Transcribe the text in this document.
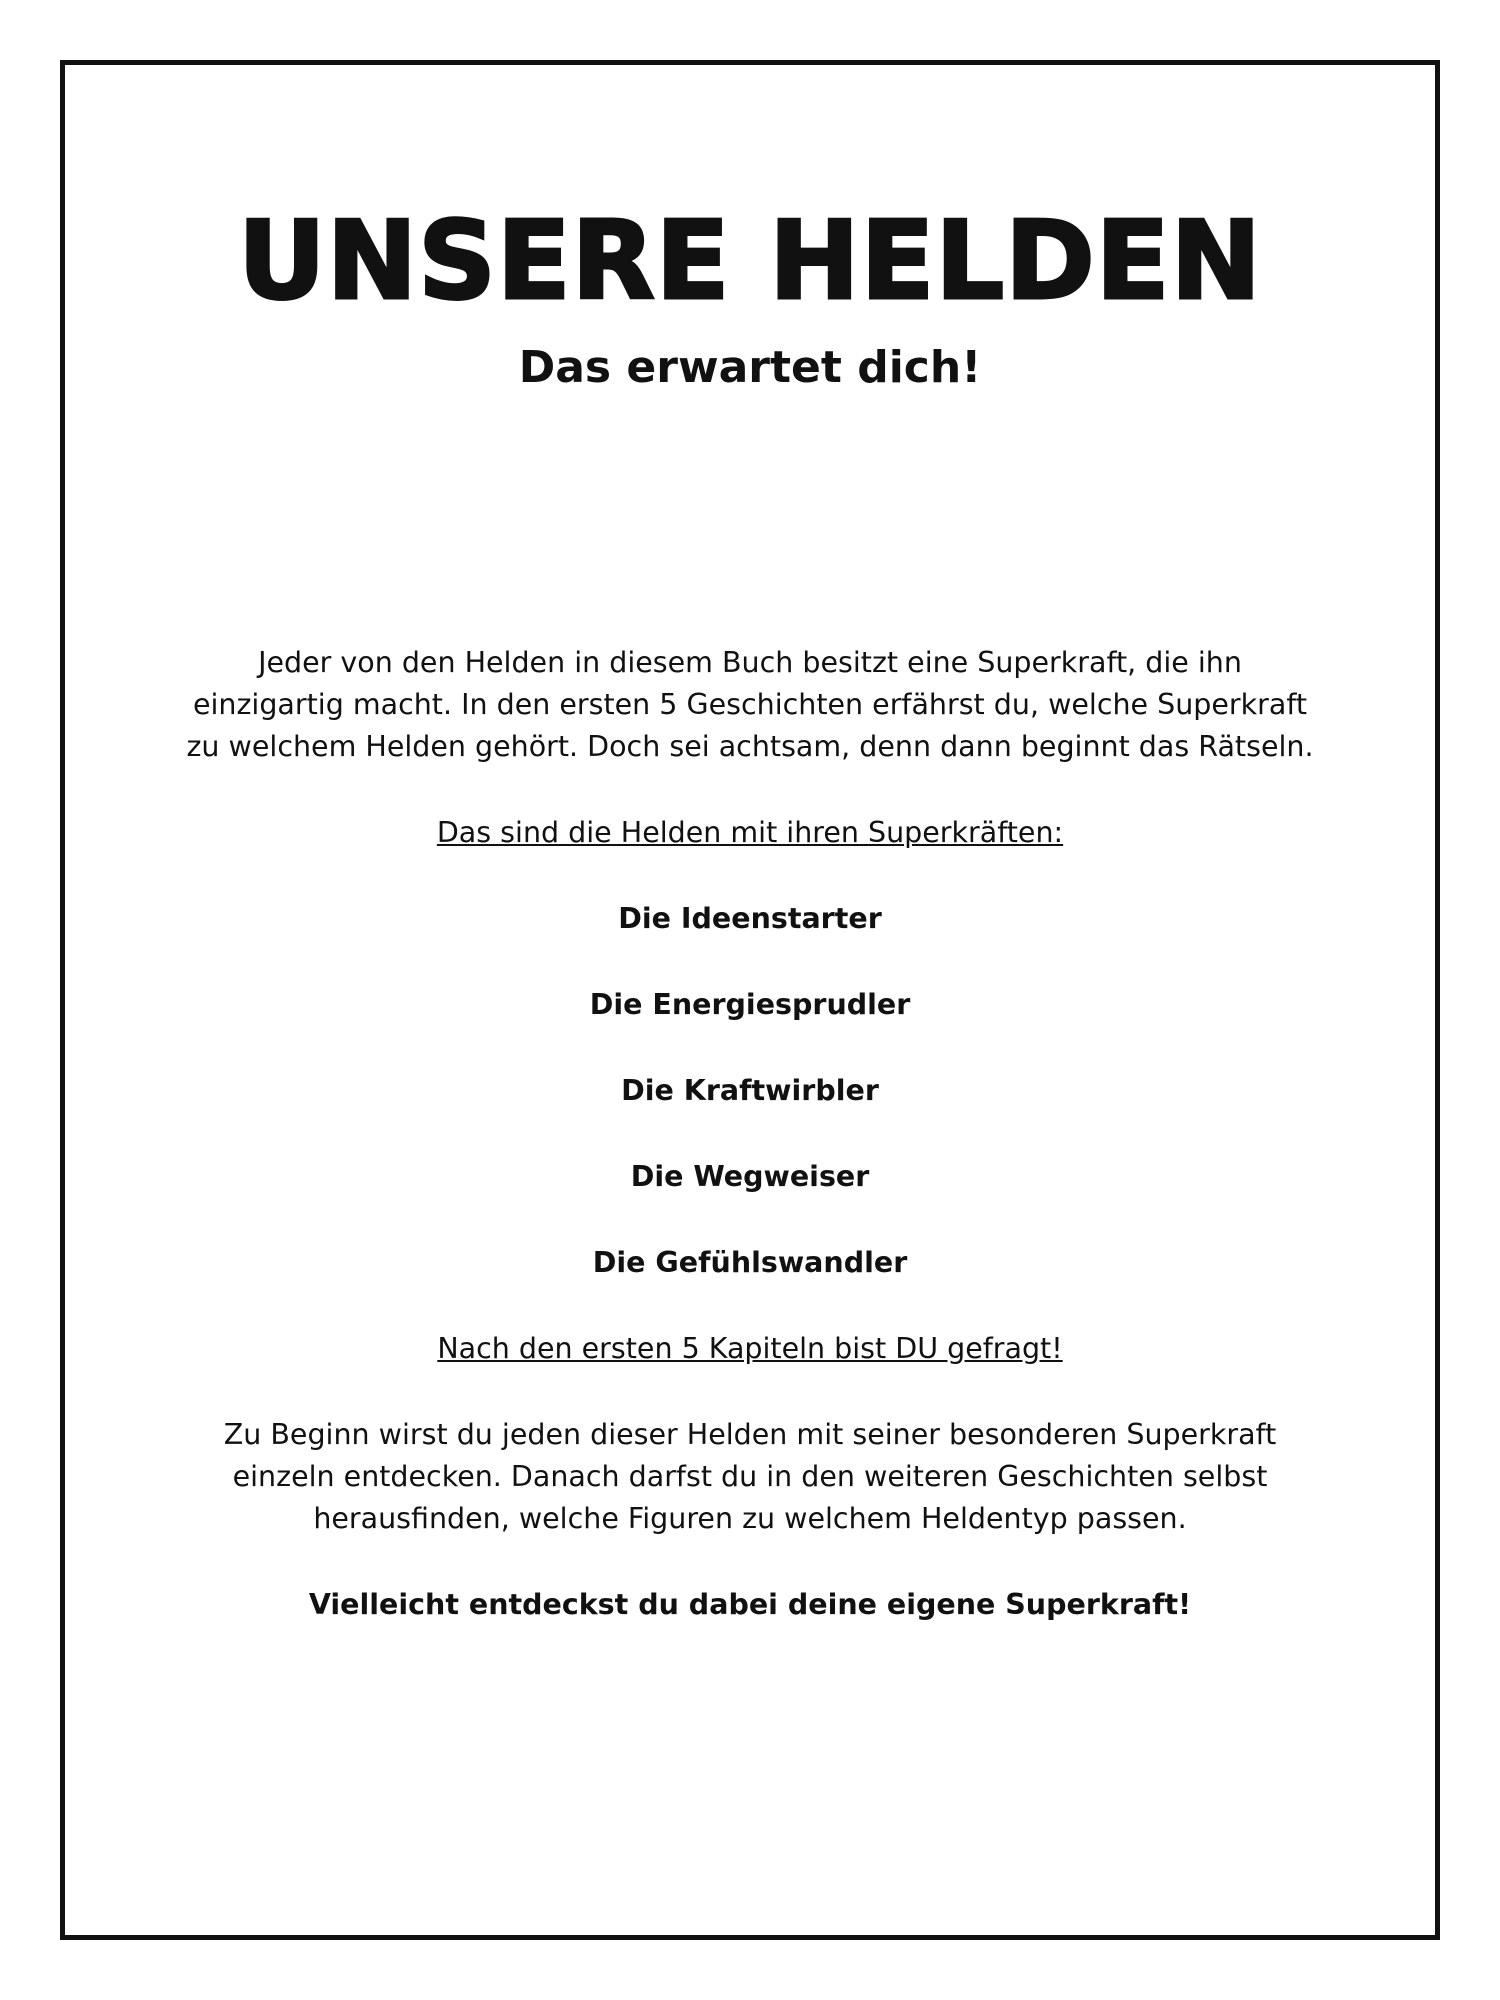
UNSERE HELDEN
Das erwartet dich!
Jeder von den Helden in diesem Buch besitzt eine Superkraft, die ihn
einzigartig macht. In den ersten 5 Geschichten erfährst du, welche Superkraft
zu welchem Helden gehört. Doch sei achtsam, denn dann beginnt das Rätseln.
Das sind die Helden mit ihren Superkräften:
Die Ideenstarter
Die Energiesprudler
Die Kraftwirbler
Die Wegweiser
Die Gefühlswandler
Nach den ersten 5 Kapiteln bist DU gefragt!
Zu Beginn wirst du jeden dieser Helden mit seiner besonderen Superkraft
einzeln entdecken. Danach darfst du in den weiteren Geschichten selbst
herausfinden, welche Figuren zu welchem Heldentyp passen.
Vielleicht entdeckst du dabei deine eigene Superkraft!
